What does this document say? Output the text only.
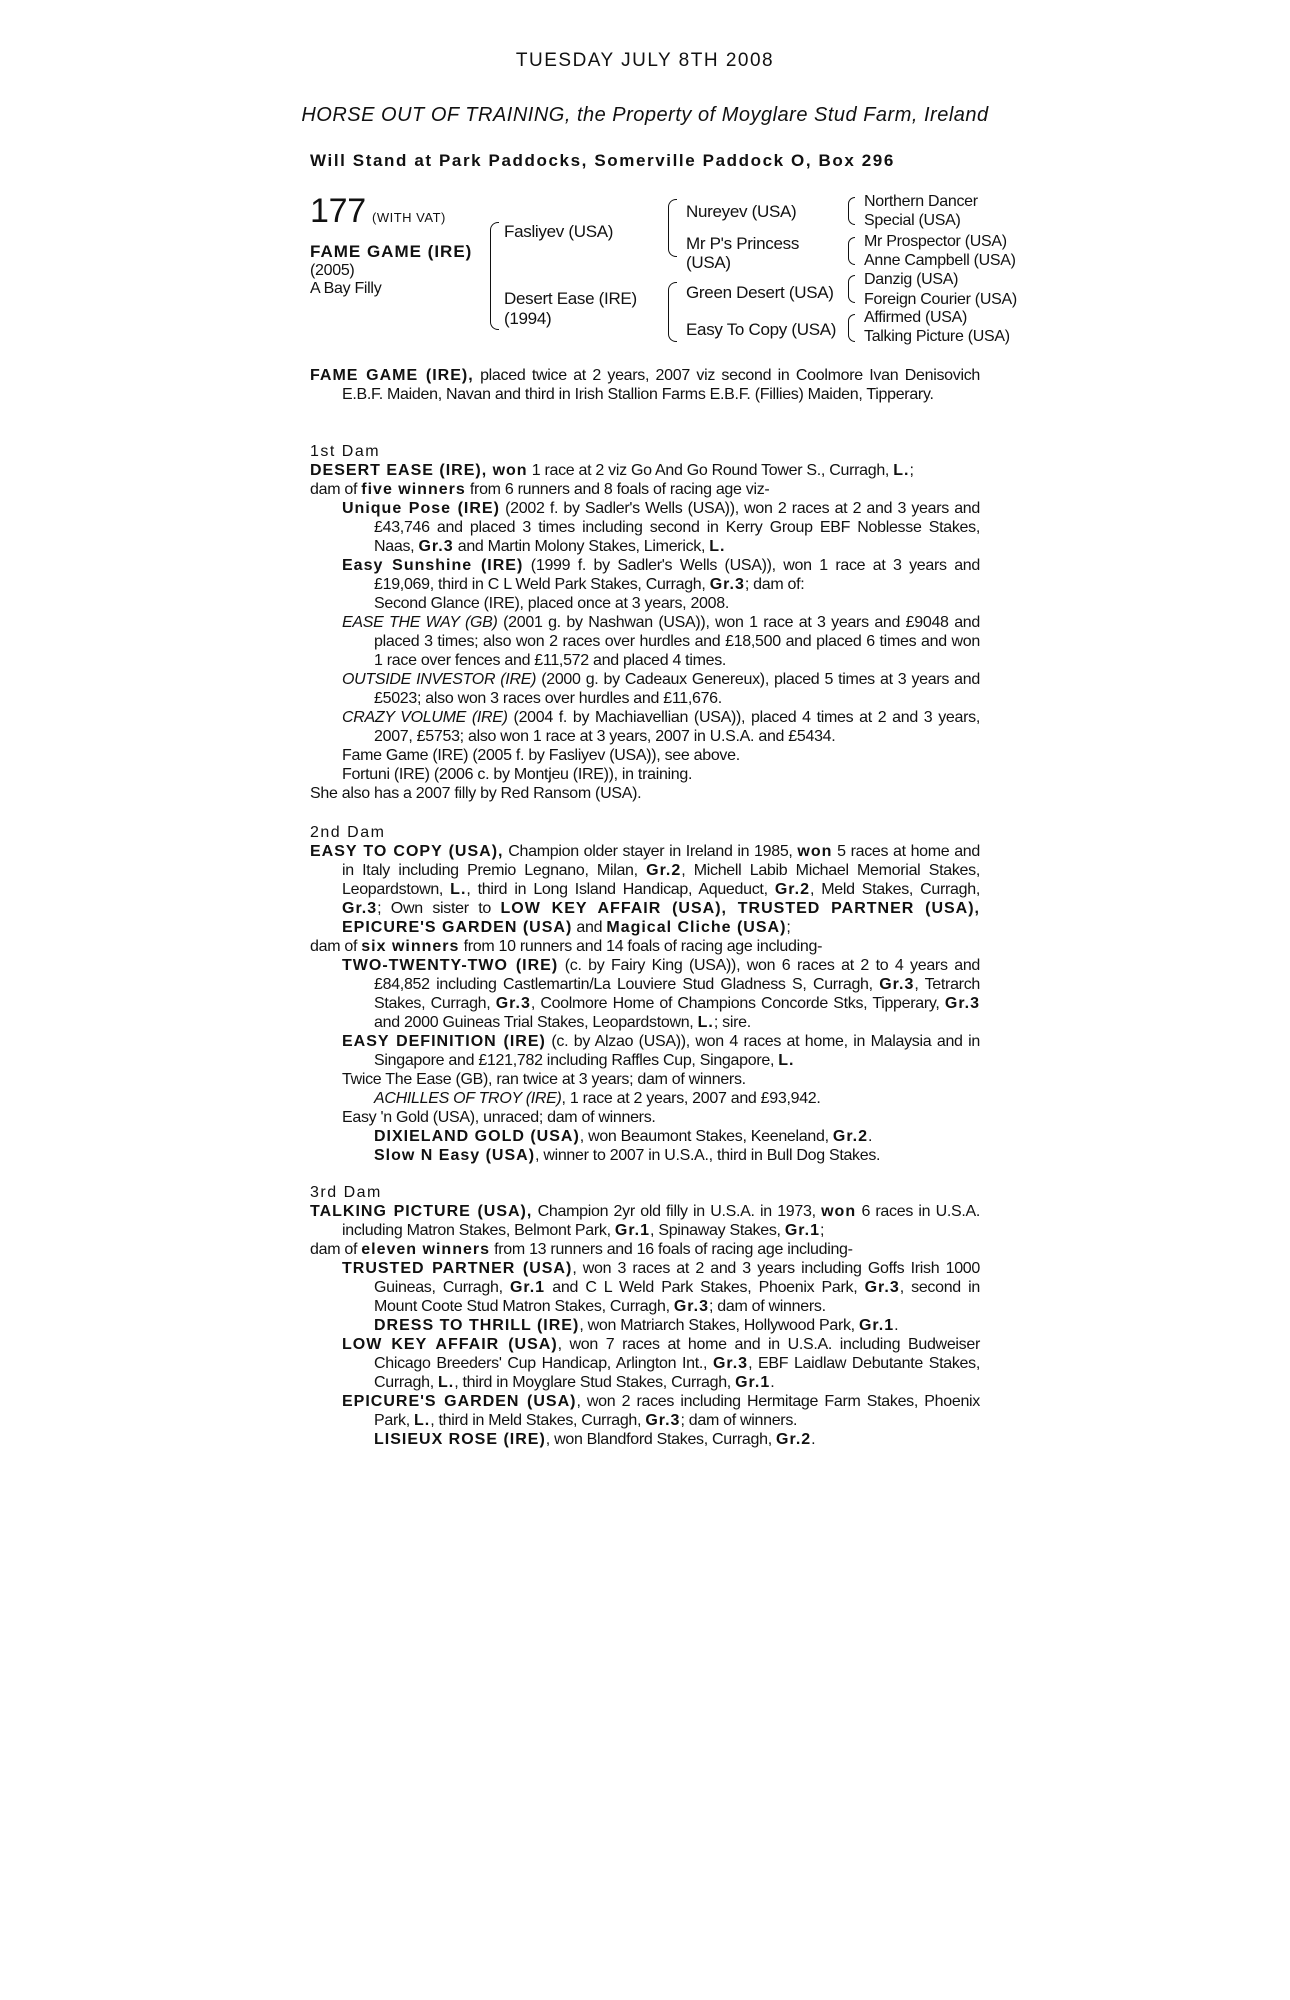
TUESDAY JULY 8TH 2008
HORSE OUT OF TRAINING, the Property of Moyglare Stud Farm, Ireland
Will Stand at Park Paddocks, Somerville Paddock O, Box 296
177 (WITH VAT)
FAME GAME (IRE)
(2005)
A Bay Filly
Fasliyev (USA)
Desert Ease (IRE)
(1994)
Nureyev (USA)
Mr P's Princess
(USA)
Green Desert (USA)
Easy To Copy (USA)
Northern Dancer
Special (USA)
Mr Prospector (USA)
Anne Campbell (USA)
Danzig (USA)
Foreign Courier (USA)
Affirmed (USA)
Talking Picture (USA)

FAME GAME (IRE), placed twice at 2 years, 2007 viz second in Coolmore Ivan Denisovich E.B.F. Maiden, Navan and third in Irish Stallion Farms E.B.F. (Fillies) Maiden, Tipperary.

1st Dam

DESERT EASE (IRE), won 1 race at 2 viz Go And Go Round Tower S., Curragh, L.;

dam of five winners from 6 runners and 8 foals of racing age viz-

Unique Pose (IRE) (2002 f. by Sadler's Wells (USA)), won 2 races at 2 and 3 years and £43,746 and placed 3 times including second in Kerry Group EBF Noblesse Stakes, Naas, Gr.3 and Martin Molony Stakes, Limerick, L.

Easy Sunshine (IRE) (1999 f. by Sadler's Wells (USA)), won 1 race at 3 years and £19,069, third in C L Weld Park Stakes, Curragh, Gr.3; dam of:

Second Glance (IRE), placed once at 3 years, 2008.

EASE THE WAY (GB) (2001 g. by Nashwan (USA)), won 1 race at 3 years and £9048 and placed 3 times; also won 2 races over hurdles and £18,500 and placed 6 times and won 1 race over fences and £11,572 and placed 4 times.

OUTSIDE INVESTOR (IRE) (2000 g. by Cadeaux Genereux), placed 5 times at 3 years and £5023; also won 3 races over hurdles and £11,676.

CRAZY VOLUME (IRE) (2004 f. by Machiavellian (USA)), placed 4 times at 2 and 3 years, 2007, £5753; also won 1 race at 3 years, 2007 in U.S.A. and £5434.

Fame Game (IRE) (2005 f. by Fasliyev (USA)), see above.

Fortuni (IRE) (2006 c. by Montjeu (IRE)), in training.

She also has a 2007 filly by Red Ransom (USA).

2nd Dam

EASY TO COPY (USA), Champion older stayer in Ireland in 1985, won 5 races at home and in Italy including Premio Legnano, Milan, Gr.2, Michell Labib Michael Memorial Stakes, Leopardstown, L., third in Long Island Handicap, Aqueduct, Gr.2, Meld Stakes, Curragh, Gr.3; Own sister to LOW KEY AFFAIR (USA), TRUSTED PARTNER (USA), EPICURE'S GARDEN (USA) and Magical Cliche (USA);

dam of six winners from 10 runners and 14 foals of racing age including-

TWO-TWENTY-TWO (IRE) (c. by Fairy King (USA)), won 6 races at 2 to 4 years and £84,852 including Castlemartin/La Louviere Stud Gladness S, Curragh, Gr.3, Tetrarch Stakes, Curragh, Gr.3, Coolmore Home of Champions Concorde Stks, Tipperary, Gr.3 and 2000 Guineas Trial Stakes, Leopardstown, L.; sire.

EASY DEFINITION (IRE) (c. by Alzao (USA)), won 4 races at home, in Malaysia and in Singapore and £121,782 including Raffles Cup, Singapore, L.

Twice The Ease (GB), ran twice at 3 years; dam of winners.

ACHILLES OF TROY (IRE), 1 race at 2 years, 2007 and £93,942.

Easy 'n Gold (USA), unraced; dam of winners.

DIXIELAND GOLD (USA), won Beaumont Stakes, Keeneland, Gr.2.

Slow N Easy (USA), winner to 2007 in U.S.A., third in Bull Dog Stakes.

3rd Dam

TALKING PICTURE (USA), Champion 2yr old filly in U.S.A. in 1973, won 6 races in U.S.A. including Matron Stakes, Belmont Park, Gr.1, Spinaway Stakes, Gr.1;

dam of eleven winners from 13 runners and 16 foals of racing age including-

TRUSTED PARTNER (USA), won 3 races at 2 and 3 years including Goffs Irish 1000 Guineas, Curragh, Gr.1 and C L Weld Park Stakes, Phoenix Park, Gr.3, second in Mount Coote Stud Matron Stakes, Curragh, Gr.3; dam of winners.

DRESS TO THRILL (IRE), won Matriarch Stakes, Hollywood Park, Gr.1.

LOW KEY AFFAIR (USA), won 7 races at home and in U.S.A. including Budweiser Chicago Breeders' Cup Handicap, Arlington Int., Gr.3, EBF Laidlaw Debutante Stakes, Curragh, L., third in Moyglare Stud Stakes, Curragh, Gr.1.

EPICURE'S GARDEN (USA), won 2 races including Hermitage Farm Stakes, Phoenix Park, L., third in Meld Stakes, Curragh, Gr.3; dam of winners.

LISIEUX ROSE (IRE), won Blandford Stakes, Curragh, Gr.2.
